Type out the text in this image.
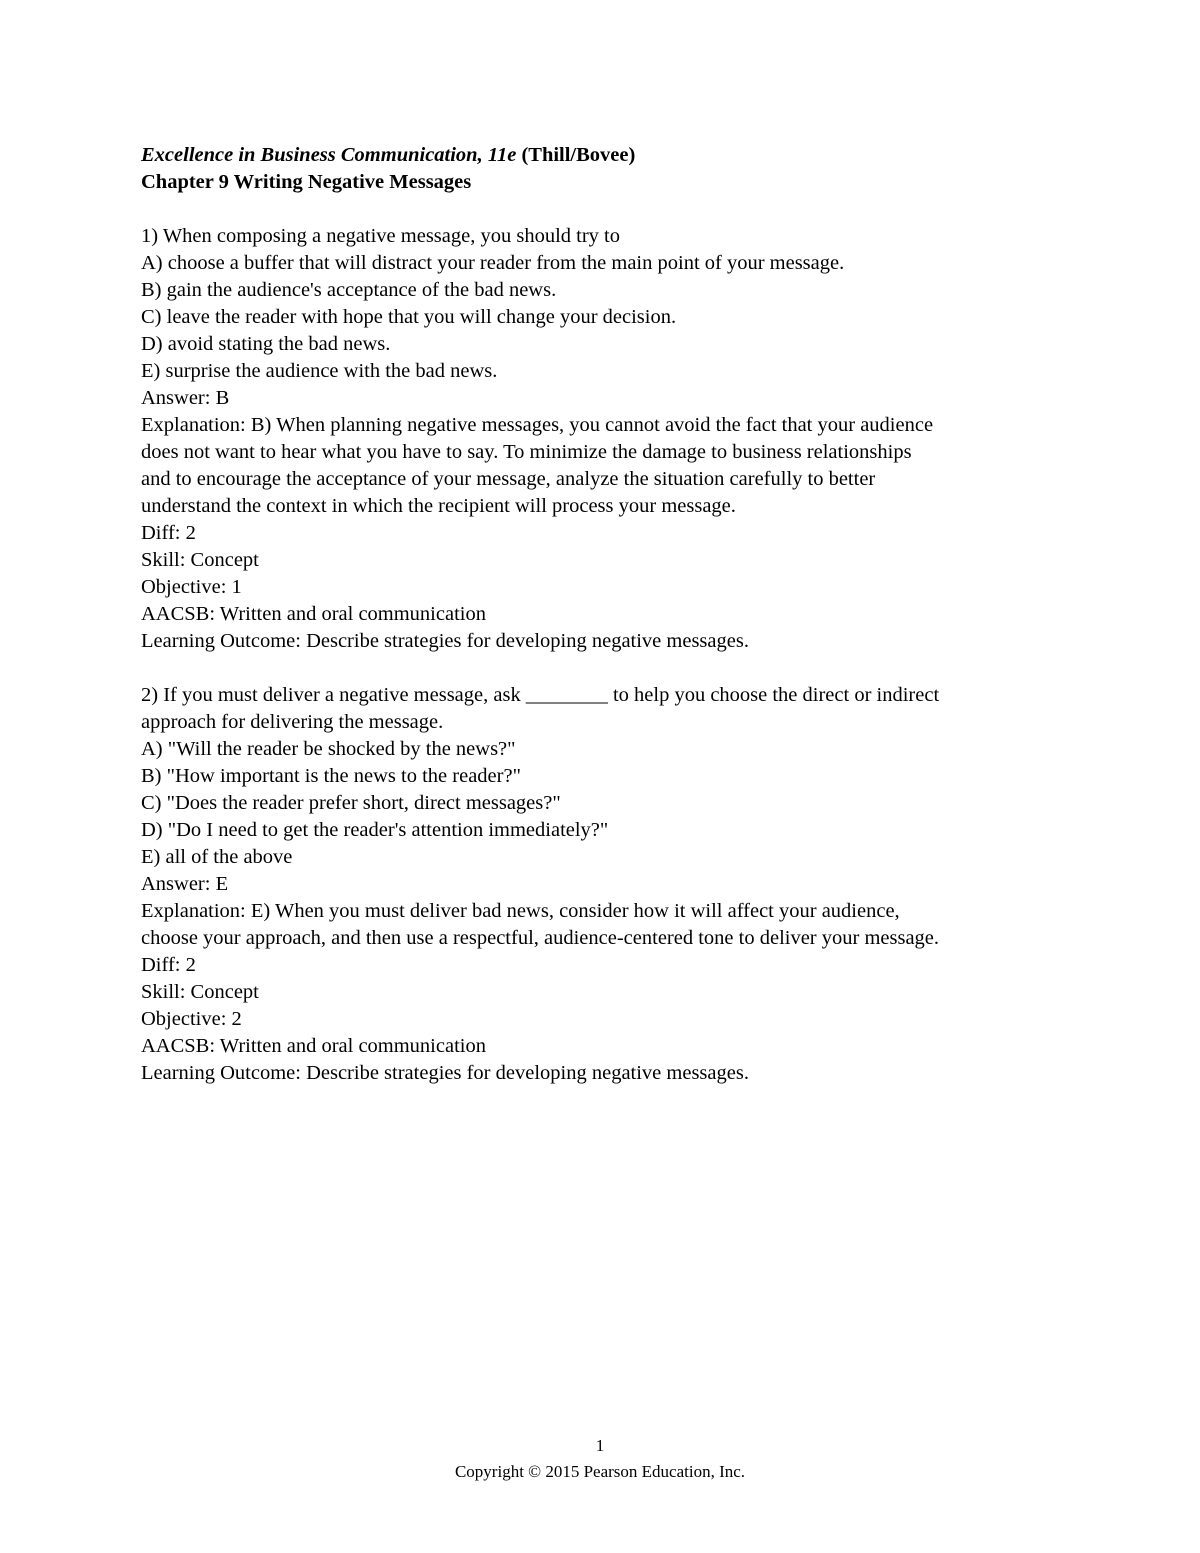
Excellence in Business Communication, 11e (Thill/Bovee)

Chapter 9 Writing Negative Messages

1) When composing a negative message, you should try to

A) choose a buffer that will distract your reader from the main point of your message.

B) gain the audience's acceptance of the bad news.

C) leave the reader with hope that you will change your decision.

D) avoid stating the bad news.

E) surprise the audience with the bad news.

Answer: B

Explanation: B) When planning negative messages, you cannot avoid the fact that your audience

does not want to hear what you have to say. To minimize the damage to business relationships

and to encourage the acceptance of your message, analyze the situation carefully to better

understand the context in which the recipient will process your message.

Diff: 2

Skill: Concept

Objective: 1

AACSB: Written and oral communication

Learning Outcome: Describe strategies for developing negative messages.

2) If you must deliver a negative message, ask ________ to help you choose the direct or indirect

approach for delivering the message.

A) "Will the reader be shocked by the news?"

B) "How important is the news to the reader?"

C) "Does the reader prefer short, direct messages?"

D) "Do I need to get the reader's attention immediately?"

E) all of the above

Answer: E

Explanation: E) When you must deliver bad news, consider how it will affect your audience,

choose your approach, and then use a respectful, audience-centered tone to deliver your message.

Diff: 2

Skill: Concept

Objective: 2

AACSB: Written and oral communication

Learning Outcome: Describe strategies for developing negative messages.

1
Copyright © 2015 Pearson Education, Inc.
